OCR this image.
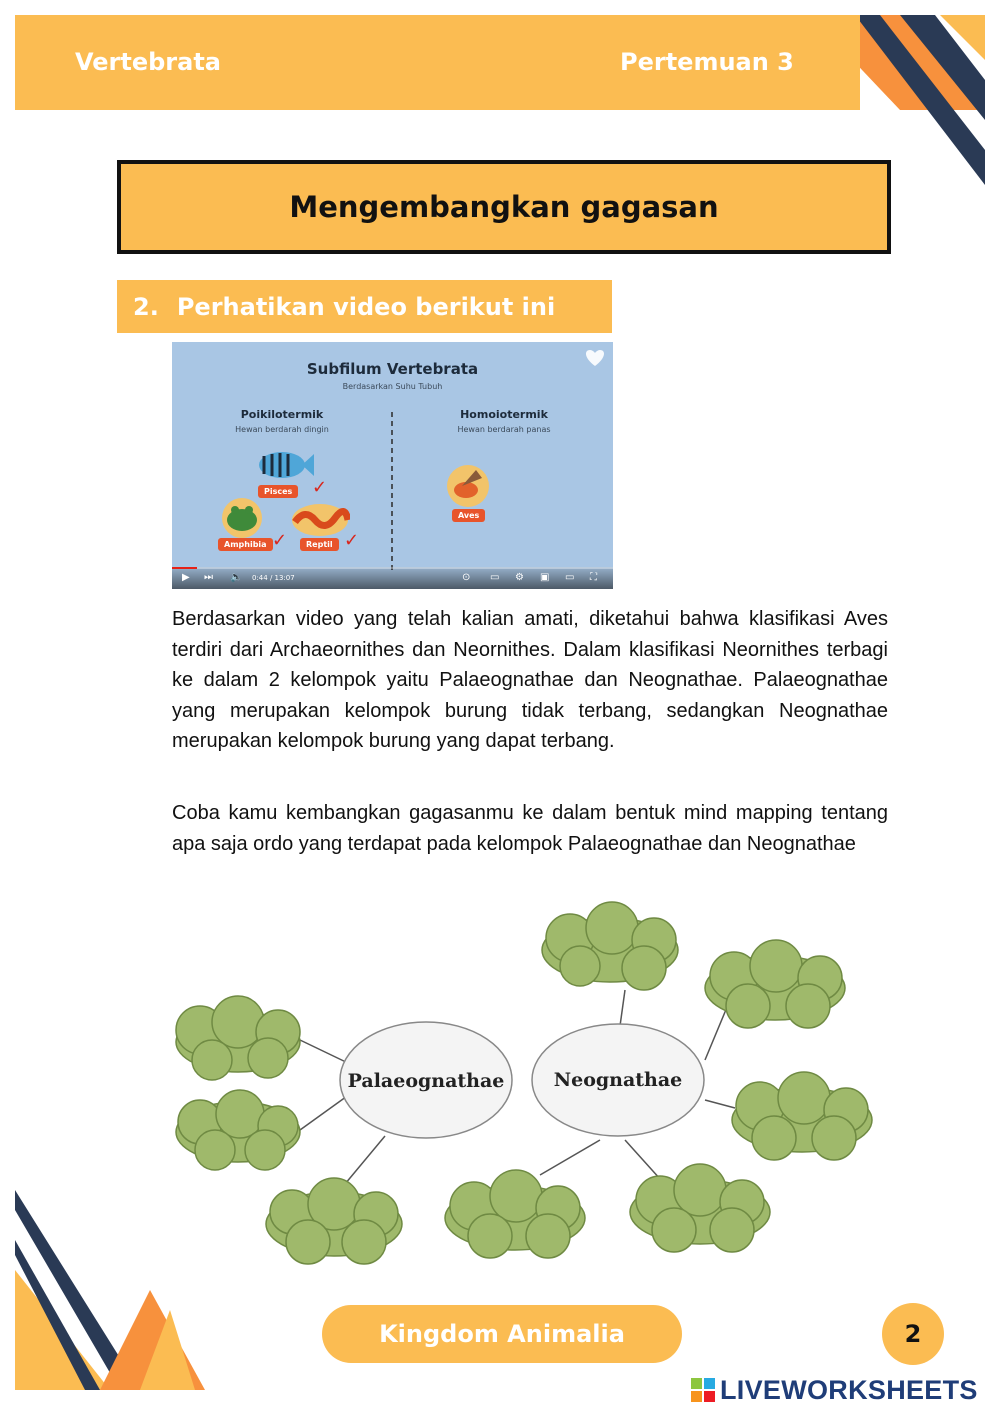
Vertebrata	Pertemuan 3
Mengembangkan gagasan
2. Perhatikan video berikut ini
Subfilum Vertebrata
Berdasarkan Suhu Tubuh
Poikilotermik
Hewan berdarah dingin
Homoiotermik
Hewan berdarah panas
Pisces	✓
Amphibia ✓	Reptil ✓
Aves
▶ ⏭ 🔈 0:44 / 13:07	⊙ ▭ ⚙ ▣ ▭ ⛶

Berdasarkan video yang telah kalian amati, diketahui bahwa klasifikasi Aves terdiri dari Archaeornithes dan Neornithes. Dalam klasifikasi Neornithes terbagi ke dalam 2 kelompok yaitu Palaeognathae dan Neognathae. Palaeognathae yang merupakan kelompok burung tidak terbang, sedangkan Neognathae merupakan kelompok burung yang dapat terbang.

Coba kamu kembangkan gagasanmu ke dalam bentuk mind mapping tentang apa saja ordo yang terdapat pada kelompok Palaeognathae dan Neognathae

Palaeognathae	Neognathae
Kingdom Animalia	2
LIVEWORKSHEETS
